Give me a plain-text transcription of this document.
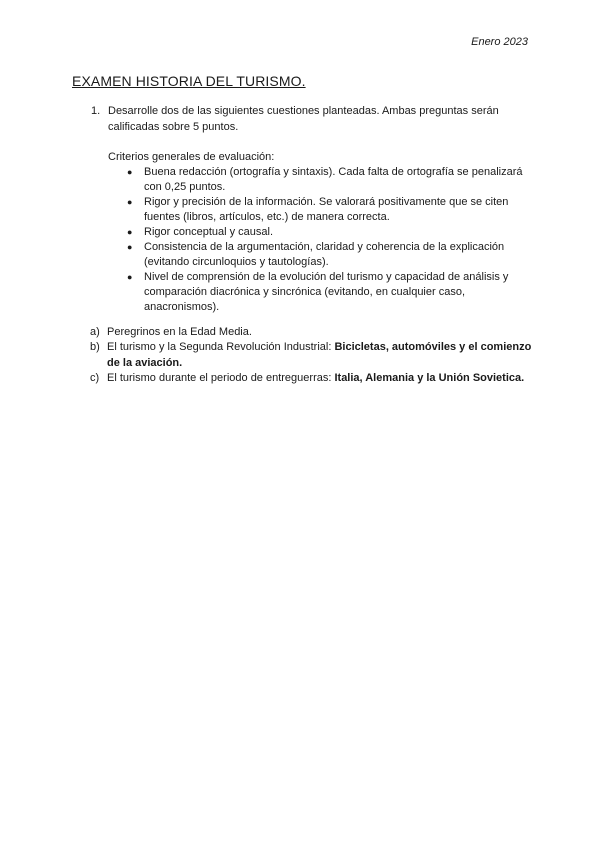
Enero 2023
EXAMEN HISTORIA DEL TURISMO.
1. Desarrolle dos de las siguientes cuestiones planteadas. Ambas preguntas serán calificadas sobre 5 puntos.
Criterios generales de evaluación:
● Buena redacción (ortografía y sintaxis). Cada falta de ortografía se penalizará con 0,25 puntos.
● Rigor y precisión de la información. Se valorará positivamente que se citen fuentes (libros, artículos, etc.) de manera correcta.
● Rigor conceptual y causal.
● Consistencia de la argumentación, claridad y coherencia de la explicación (evitando circunloquios y tautologías).
● Nivel de comprensión de la evolución del turismo y capacidad de análisis y comparación diacrónica y sincrónica (evitando, en cualquier caso, anacronismos).
a) Peregrinos en la Edad Media.
b) El turismo y la Segunda Revolución Industrial: Bicicletas, automóviles y el comienzo de la aviación.
c) El turismo durante el periodo de entreguerras: Italia, Alemania y la Unión Sovietica.
